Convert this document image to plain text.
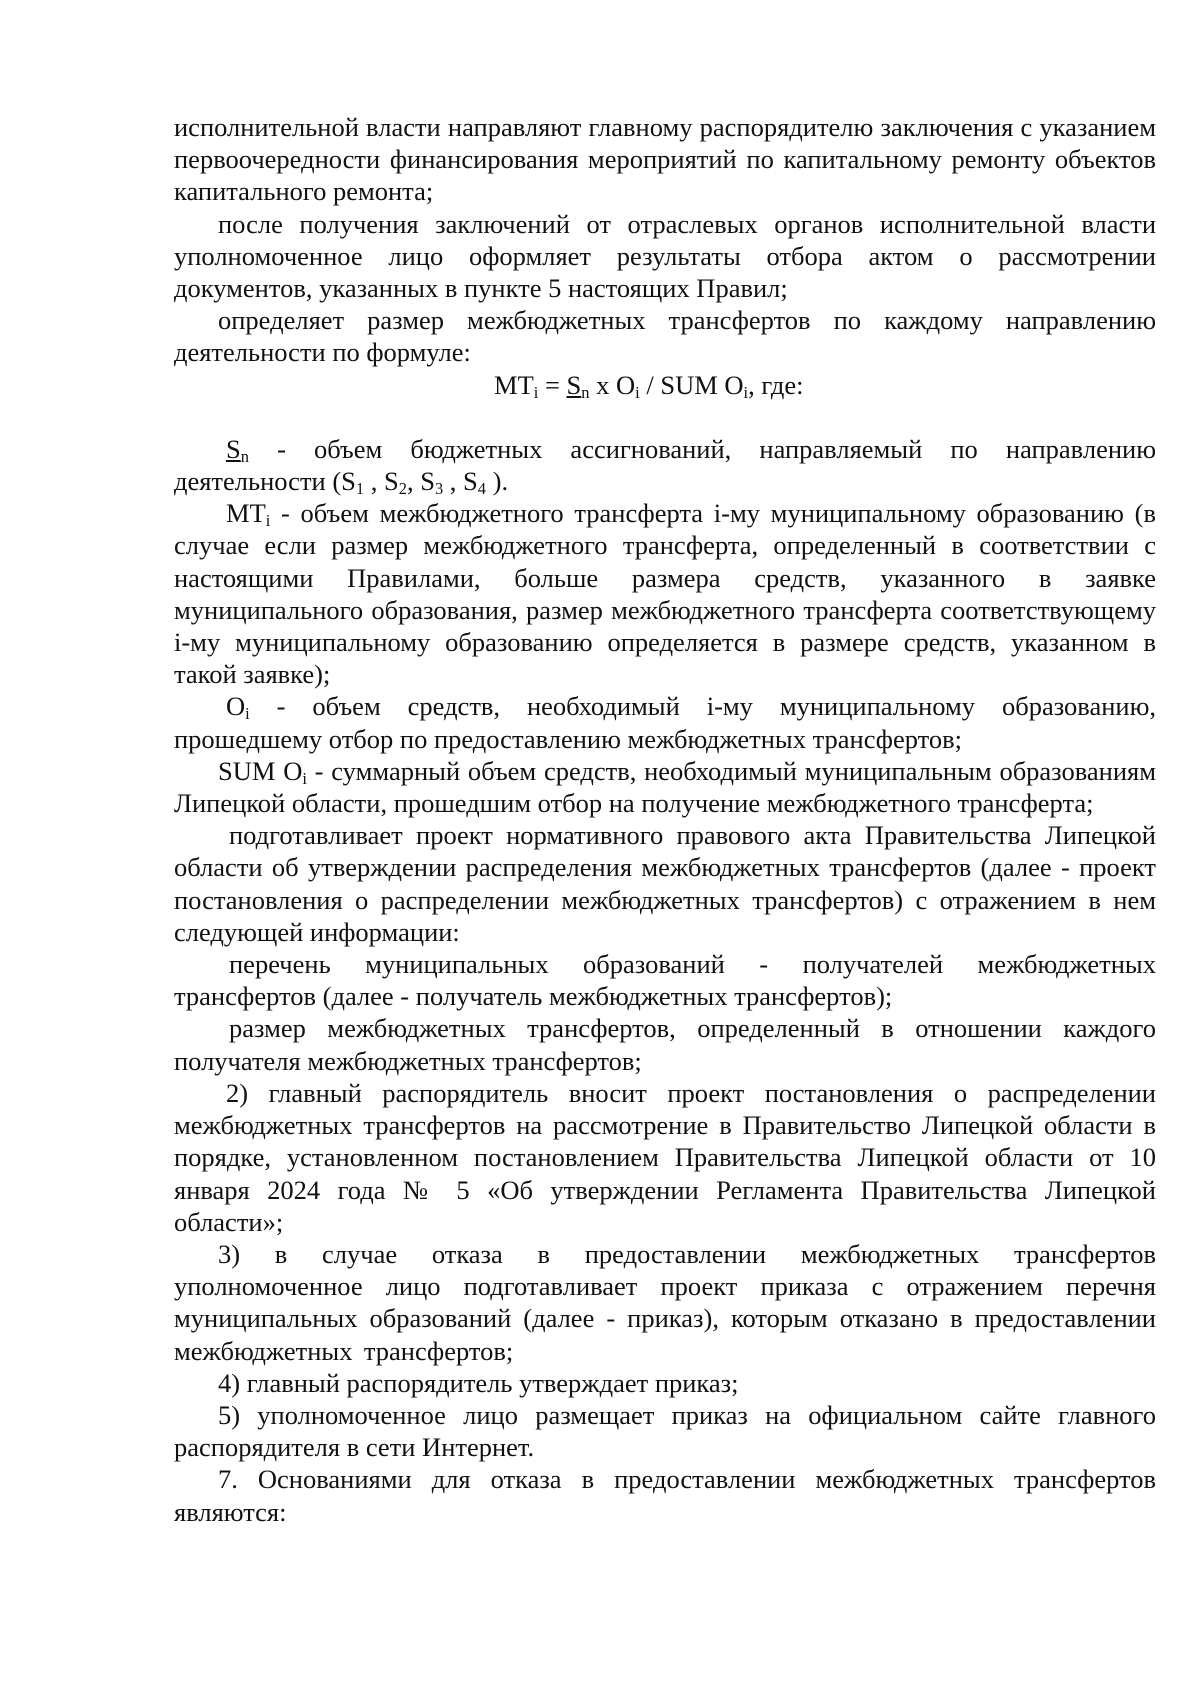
исполнительной власти направляют главному распорядителю заключения с указанием первоочередности финансирования мероприятий по капитальному ремонту объектов капитального ремонта;

после получения заключений от отраслевых органов исполнительной власти уполномоченное лицо оформляет результаты отбора актом о рассмотрении документов, указанных в пункте 5 настоящих Правил;

определяет размер межбюджетных трансфертов по каждому направлению деятельности по формуле:

$MT_i = S_n$ x $O_i$ / SUM $O_i$, где:

$S_n$ - объем бюджетных ассигнований, направляемый по направлению деятельности ($S_1$ , $S_2$, $S_3$ , $S_4$ ).

$MT_i$ - объем межбюджетного трансферта i-му муниципальному образованию (в случае если размер межбюджетного трансферта, определенный в соответствии с настоящими Правилами, больше размера средств, указанного в заявке муниципального образования, размер межбюджетного трансферта соответствующему i-му муниципальному образованию определяется в размере средств, указанном в такой заявке);

$O_i$ - объем средств, необходимый i-му муниципальному образованию, прошедшему отбор по предоставлению межбюджетных трансфертов;

SUM $O_i$ - суммарный объем средств, необходимый муниципальным образованиям Липецкой области, прошедшим отбор на получение межбюджетного трансферта;

подготавливает проект нормативного правового акта Правительства Липецкой области об утверждении распределения межбюджетных трансфертов (далее - проект постановления о распределении межбюджетных трансфертов) с отражением в нем следующей информации:

перечень муниципальных образований - получателей межбюджетных трансфертов (далее - получатель межбюджетных трансфертов);

размер межбюджетных трансфертов, определенный в отношении каждого получателя межбюджетных трансфертов;

2) главный распорядитель вносит проект постановления о распределении межбюджетных трансфертов на рассмотрение в Правительство Липецкой области в порядке, установленном постановлением Правительства Липецкой области от 10 января 2024 года № 5 «Об утверждении Регламента Правительства Липецкой области»;

3) в случае отказа в предоставлении межбюджетных трансфертов уполномоченное лицо подготавливает проект приказа с отражением перечня муниципальных образований (далее - приказ), которым отказано в предоставлении межбюджетных трансфертов;

4) главный распорядитель утверждает приказ;

5) уполномоченное лицо размещает приказ на официальном сайте главного распорядителя в сети Интернет.

7. Основаниями для отказа в предоставлении межбюджетных трансфертов являются:
